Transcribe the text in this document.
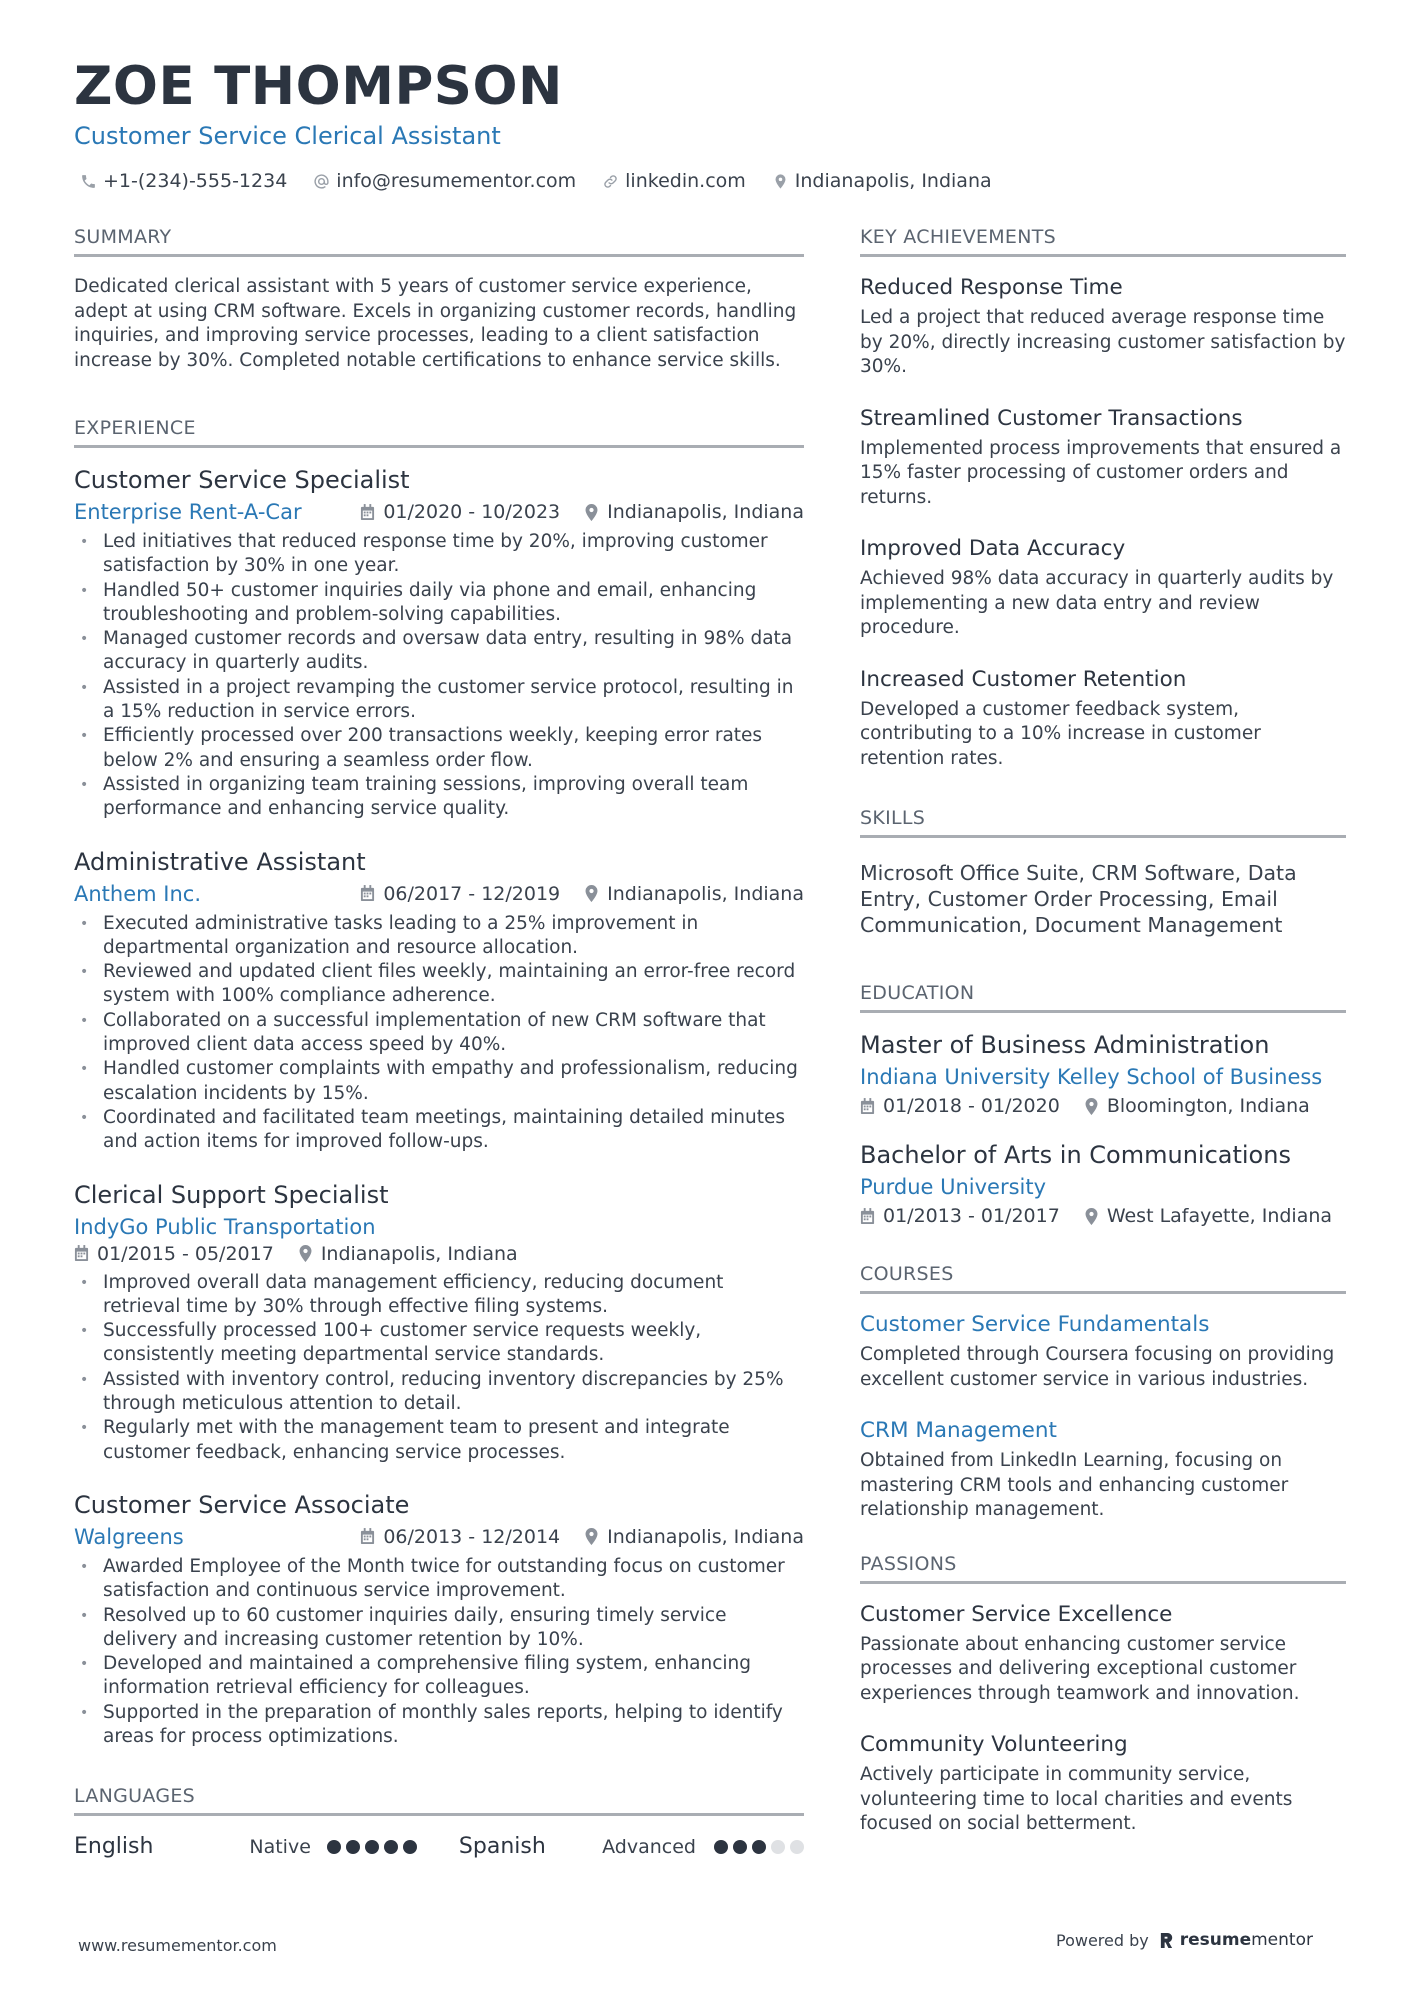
ZOE THOMPSON
Customer Service Clerical Assistant
+1-(234)-555-1234	info@resumementor.com	linkedin.com	Indianapolis, Indiana
SUMMARY
Dedicated clerical assistant with 5 years of customer service experience, adept at using CRM software. Excels in organizing customer records, handling inquiries, and improving service processes, leading to a client satisfaction increase by 30%. Completed notable certifications to enhance service skills.
EXPERIENCE
Customer Service Specialist
Enterprise Rent-A-Car	01/2020 - 10/2023 Indianapolis, Indiana
• Led initiatives that reduced response time by 20%, improving customer satisfaction by 30% in one year.
• Handled 50+ customer inquiries daily via phone and email, enhancing troubleshooting and problem-solving capabilities.
• Managed customer records and oversaw data entry, resulting in 98% data accuracy in quarterly audits.
• Assisted in a project revamping the customer service protocol, resulting in a 15% reduction in service errors.
• Efficiently processed over 200 transactions weekly, keeping error rates below 2% and ensuring a seamless order flow.
• Assisted in organizing team training sessions, improving overall team performance and enhancing service quality.
Administrative Assistant
Anthem Inc.	06/2017 - 12/2019 Indianapolis, Indiana
• Executed administrative tasks leading to a 25% improvement in departmental organization and resource allocation.
• Reviewed and updated client files weekly, maintaining an error-free record system with 100% compliance adherence.
• Collaborated on a successful implementation of new CRM software that improved client data access speed by 40%.
• Handled customer complaints with empathy and professionalism, reducing escalation incidents by 15%.
• Coordinated and facilitated team meetings, maintaining detailed minutes and action items for improved follow-ups.
Clerical Support Specialist
IndyGo Public Transportation
01/2015 - 05/2017 Indianapolis, Indiana
• Improved overall data management efficiency, reducing document retrieval time by 30% through effective filing systems.
• Successfully processed 100+ customer service requests weekly, consistently meeting departmental service standards.
• Assisted with inventory control, reducing inventory discrepancies by 25% through meticulous attention to detail.
• Regularly met with the management team to present and integrate customer feedback, enhancing service processes.
Customer Service Associate
Walgreens	06/2013 - 12/2014 Indianapolis, Indiana
• Awarded Employee of the Month twice for outstanding focus on customer satisfaction and continuous service improvement.
• Resolved up to 60 customer inquiries daily, ensuring timely service delivery and increasing customer retention by 10%.
• Developed and maintained a comprehensive filing system, enhancing information retrieval efficiency for colleagues.
• Supported in the preparation of monthly sales reports, helping to identify areas for process optimizations.
LANGUAGES
English	Native	Spanish	Advanced
KEY ACHIEVEMENTS
Reduced Response Time
Led a project that reduced average response time by 20%, directly increasing customer satisfaction by 30%.
Streamlined Customer Transactions
Implemented process improvements that ensured a 15% faster processing of customer orders and returns.
Improved Data Accuracy
Achieved 98% data accuracy in quarterly audits by implementing a new data entry and review procedure.
Increased Customer Retention
Developed a customer feedback system, contributing to a 10% increase in customer retention rates.
SKILLS
Microsoft Office Suite, CRM Software, Data Entry, Customer Order Processing, Email Communication, Document Management
EDUCATION
Master of Business Administration
Indiana University Kelley School of Business
01/2018 - 01/2020 Bloomington, Indiana
Bachelor of Arts in Communications
Purdue University
01/2013 - 01/2017 West Lafayette, Indiana
COURSES
Customer Service Fundamentals
Completed through Coursera focusing on providing excellent customer service in various industries.
CRM Management
Obtained from LinkedIn Learning, focusing on mastering CRM tools and enhancing customer relationship management.
PASSIONS
Customer Service Excellence
Passionate about enhancing customer service processes and delivering exceptional customer experiences through teamwork and innovation.
Community Volunteering
Actively participate in community service, volunteering time to local charities and events focused on social betterment.
www.resumementor.com	Powered by resumementor
